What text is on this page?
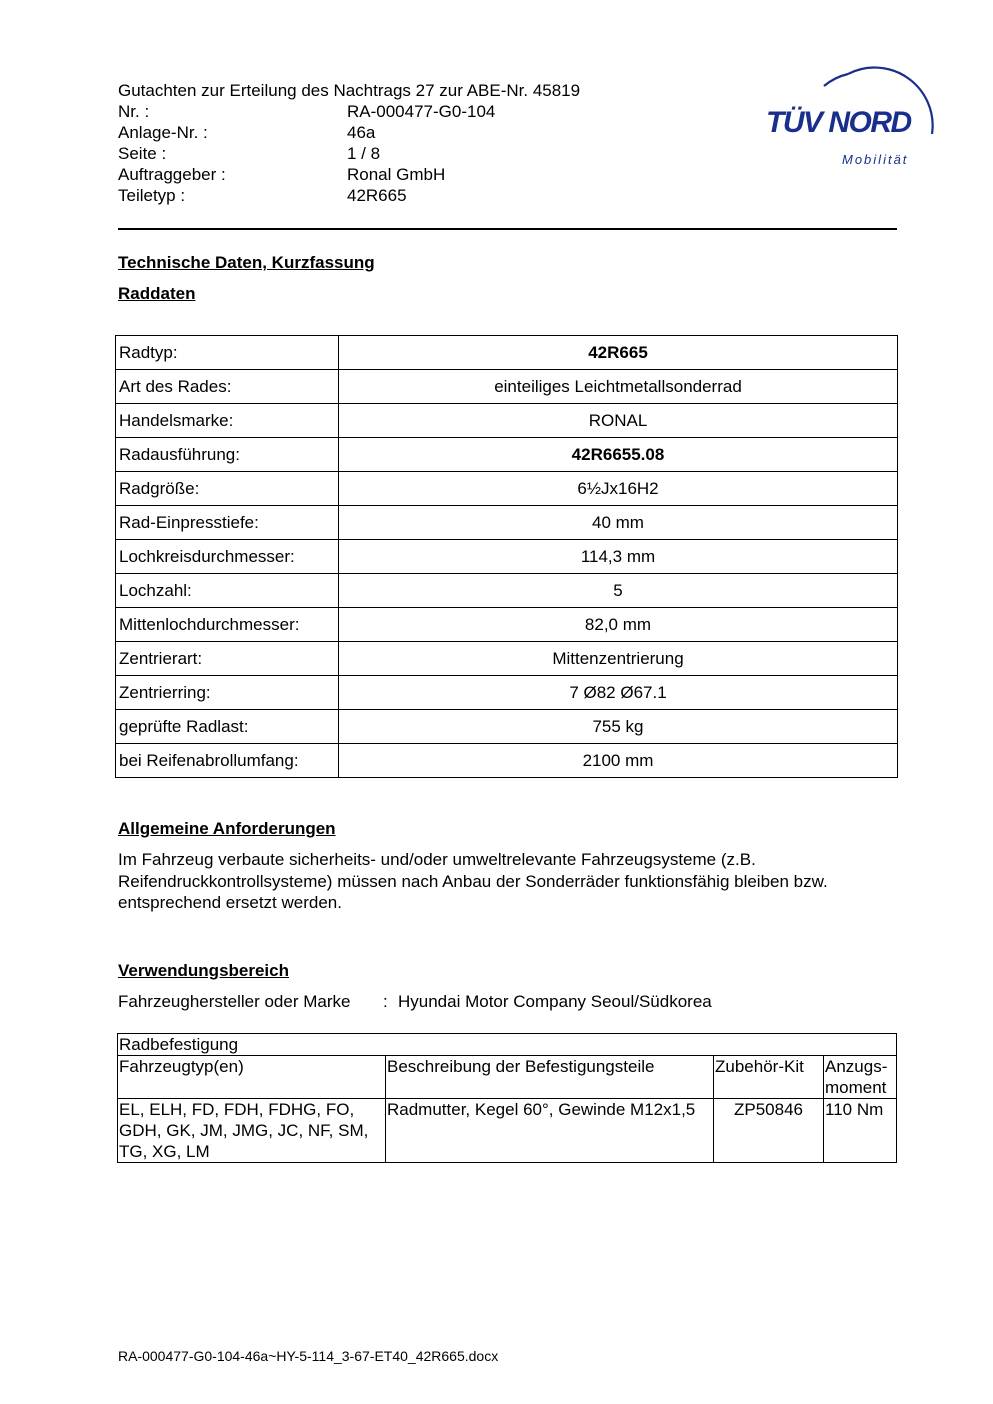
Gutachten zur Erteilung des Nachtrags 27 zur ABE-Nr. 45819
Nr. :	RA-000477-G0-104
Anlage-Nr. :	46a
Seite :	1 / 8
Auftraggeber :	Ronal GmbH
Teiletyp :	42R665
TÜV NORD
Mobilität
Technische Daten, Kurzfassung
Raddaten
Radtyp:	42R665
Art des Rades:	einteiliges Leichtmetallsonderrad
Handelsmarke:	RONAL
Radausführung:	42R6655.08
Radgröße:	6½Jx16H2
Rad-Einpresstiefe:	40 mm
Lochkreisdurchmesser:	114,3 mm
Lochzahl:	5
Mittenlochdurchmesser:	82,0 mm
Zentrierart:	Mittenzentrierung
Zentrierring:	7 Ø82 Ø67.1
geprüfte Radlast:	755 kg
bei Reifenabrollumfang:	2100 mm
Allgemeine Anforderungen
Im Fahrzeug verbaute sicherheits- und/oder umweltrelevante Fahrzeugsysteme (z.B. Reifendruckkontrollsysteme) müssen nach Anbau der Sonderräder funktionsfähig bleiben bzw. entsprechend ersetzt werden.
Verwendungsbereich
Fahrzeughersteller oder Marke : Hyundai Motor Company Seoul/Südkorea
Radbefestigung			
Fahrzeugtyp(en)	Beschreibung der Befestigungsteile	Zubehör-Kit	Anzugs-moment
EL, ELH, FD, FDH, FDHG, FO, GDH, GK, JM, JMG, JC, NF, SM, TG, XG, LM	Radmutter, Kegel 60°, Gewinde M12x1,5	ZP50846	110 Nm
RA-000477-G0-104-46a~HY-5-114_3-67-ET40_42R665.docx
